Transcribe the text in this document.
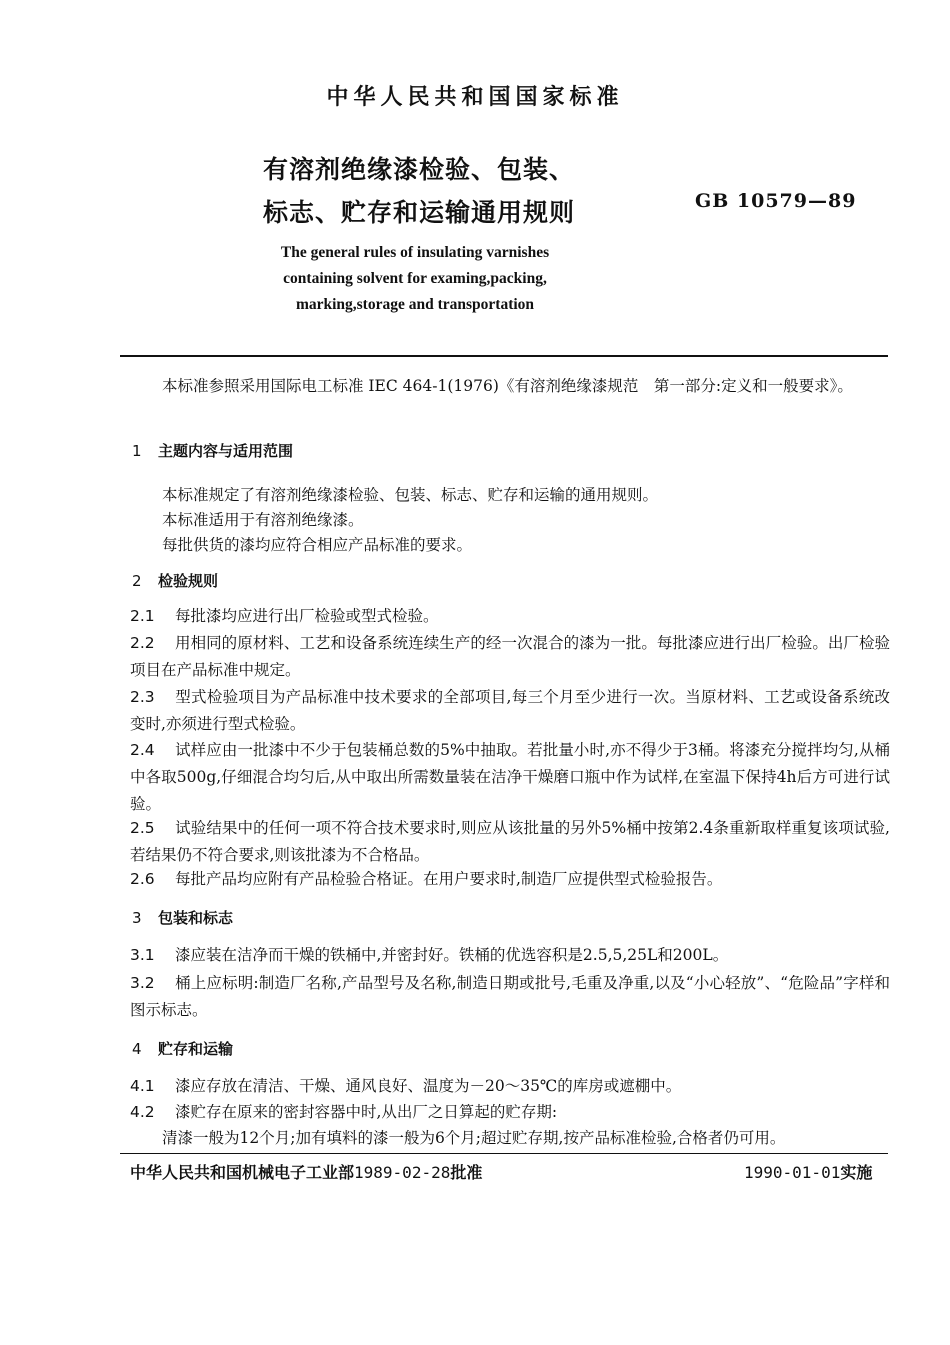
中华人民共和国国家标准
有溶剂绝缘漆检验、包装、
标志、贮存和运输通用规则	GB 10579—89
The general rules of insulating varnishes
containing solvent for examing,packing,
marking,storage and transportation
本标准参照采用国际电工标准 IEC 464-1(1976)《有溶剂绝缘漆规范　第一部分:定义和一般要求》。
1 主题内容与适用范围
本标准规定了有溶剂绝缘漆检验、包装、标志、贮存和运输的通用规则。
本标准适用于有溶剂绝缘漆。
每批供货的漆均应符合相应产品标准的要求。
2 检验规则
2.1 每批漆均应进行出厂检验或型式检验。
2.2 用相同的原材料、工艺和设备系统连续生产的经一次混合的漆为一批。每批漆应进行出厂检验。出厂检验项目在产品标准中规定。
2.3 型式检验项目为产品标准中技术要求的全部项目,每三个月至少进行一次。当原材料、工艺或设备系统改变时,亦须进行型式检验。
2.4 试样应由一批漆中不少于包装桶总数的5%中抽取。若批量小时,亦不得少于3桶。将漆充分搅拌均匀,从桶中各取500g,仔细混合均匀后,从中取出所需数量装在洁净干燥磨口瓶中作为试样,在室温下保持4h后方可进行试验。
2.5 试验结果中的任何一项不符合技术要求时,则应从该批量的另外5%桶中按第2.4条重新取样重复该项试验,若结果仍不符合要求,则该批漆为不合格品。
2.6 每批产品均应附有产品检验合格证。在用户要求时,制造厂应提供型式检验报告。
3 包装和标志
3.1 漆应装在洁净而干燥的铁桶中,并密封好。铁桶的优选容积是2.5,5,25L和200L。
3.2 桶上应标明:制造厂名称,产品型号及名称,制造日期或批号,毛重及净重,以及“小心轻放”、“危险品”字样和图示标志。
4 贮存和运输
4.1 漆应存放在清洁、干燥、通风良好、温度为－20～35℃的库房或遮棚中。
4.2 漆贮存在原来的密封容器中时,从出厂之日算起的贮存期:
清漆一般为12个月;加有填料的漆一般为6个月;超过贮存期,按产品标准检验,合格者仍可用。
中华人民共和国机械电子工业部1989-02-28批准	1990-01-01实施
